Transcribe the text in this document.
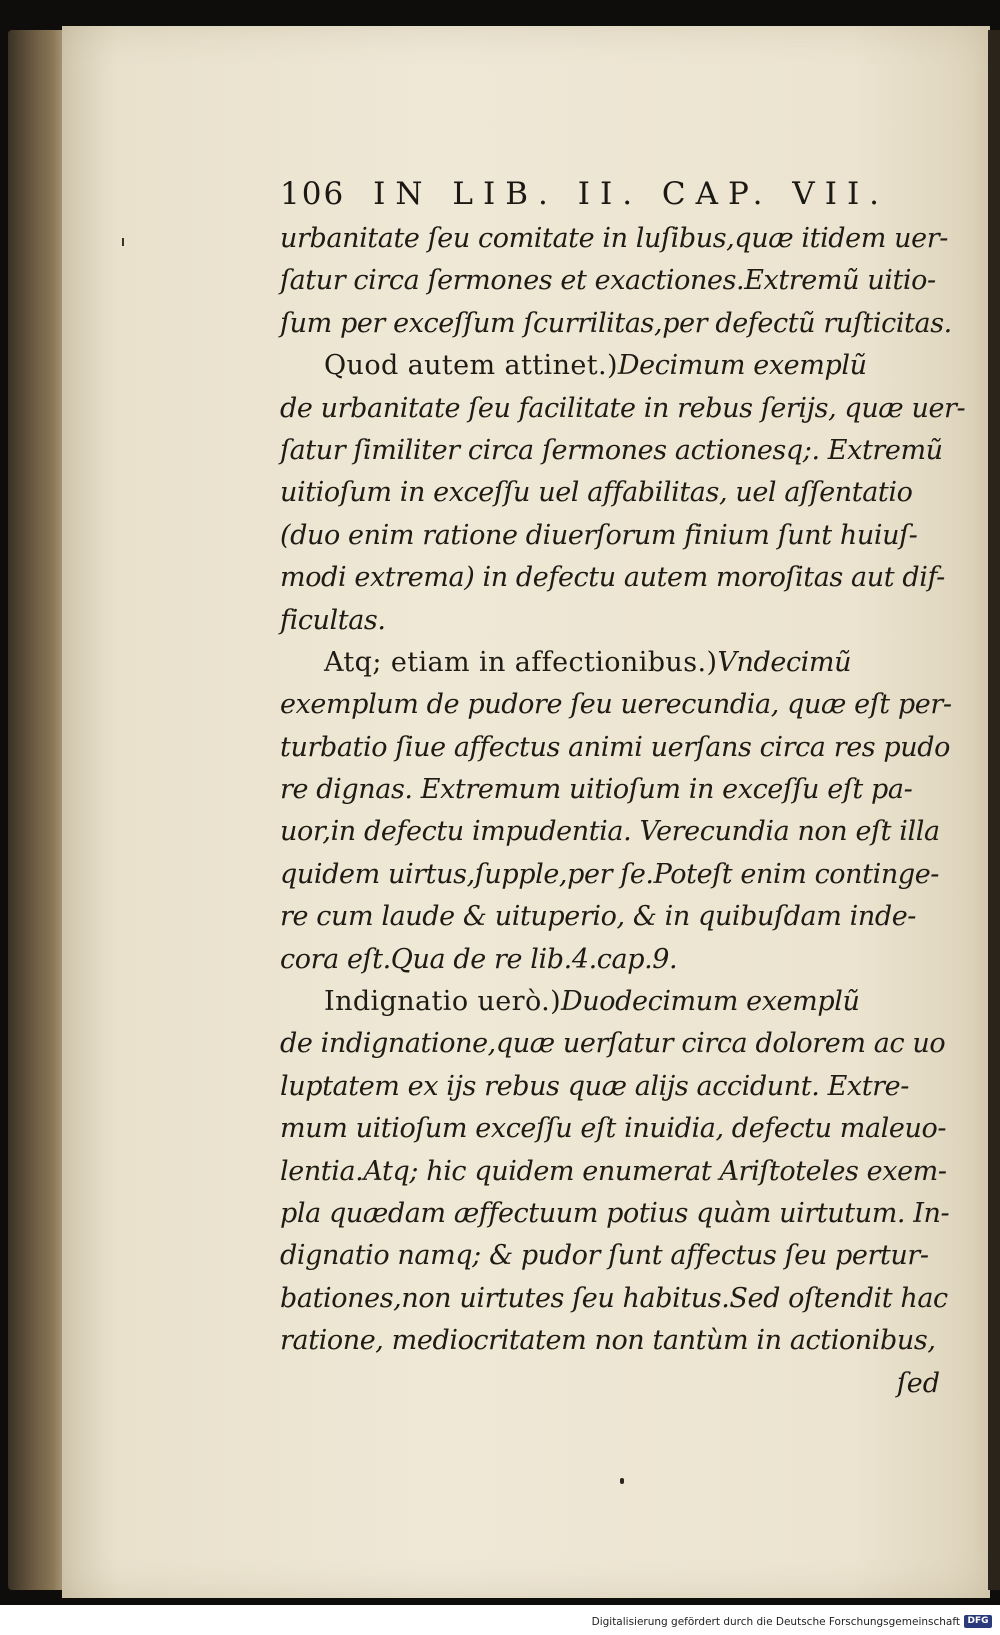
106 IN LIB. II. CAP. VII.
urbanitate ſeu comitate in luſibus,quæ itidem uer-
ſatur circa ſermones et exactiones.Extremũ uitio-
ſum per exceſſum ſcurrilitas,per defectũ ruſticitas.
Quod autem attinet.)Decimum exemplũ
de urbanitate ſeu facilitate in rebus ſerijs, quæ uer-
ſatur ſimiliter circa ſermones actionesq;. Extremũ
uitioſum in exceſſu uel affabilitas, uel aſſentatio
(duo enim ratione diuerſorum finium ſunt huiuſ-
modi extrema) in defectu autem moroſitas aut dif-
ficultas.
Atq; etiam in affectionibus.)Vndecimũ
exemplum de pudore ſeu uerecundia, quæ eſt per-
turbatio ſiue affectus animi uerſans circa res pudo
re dignas. Extremum uitioſum in exceſſu eſt pa-
uor,in defectu impudentia. Verecundia non eſt illa
quidem uirtus,ſupple,per ſe.Poteſt enim continge-
re cum laude & uituperio, & in quibuſdam inde-
cora eſt.Qua de re lib.4.cap.9.
Indignatio uerò.)Duodecimum exemplũ
de indignatione,quæ uerſatur circa dolorem ac uo
luptatem ex ijs rebus quæ alijs accidunt. Extre-
mum uitioſum exceſſu eſt inuidia, defectu maleuo-
lentia.Atq; hic quidem enumerat Ariſtoteles exem-
pla quædam æffectuum potius quàm uirtutum. In-
dignatio namq; & pudor ſunt affectus ſeu pertur-
bationes,non uirtutes ſeu habitus.Sed oſtendit hac
ratione, mediocritatem non tantùm in actionibus,
ſed
Digitalisierung gefördert durch die Deutsche Forschungsgemeinschaft DFG
